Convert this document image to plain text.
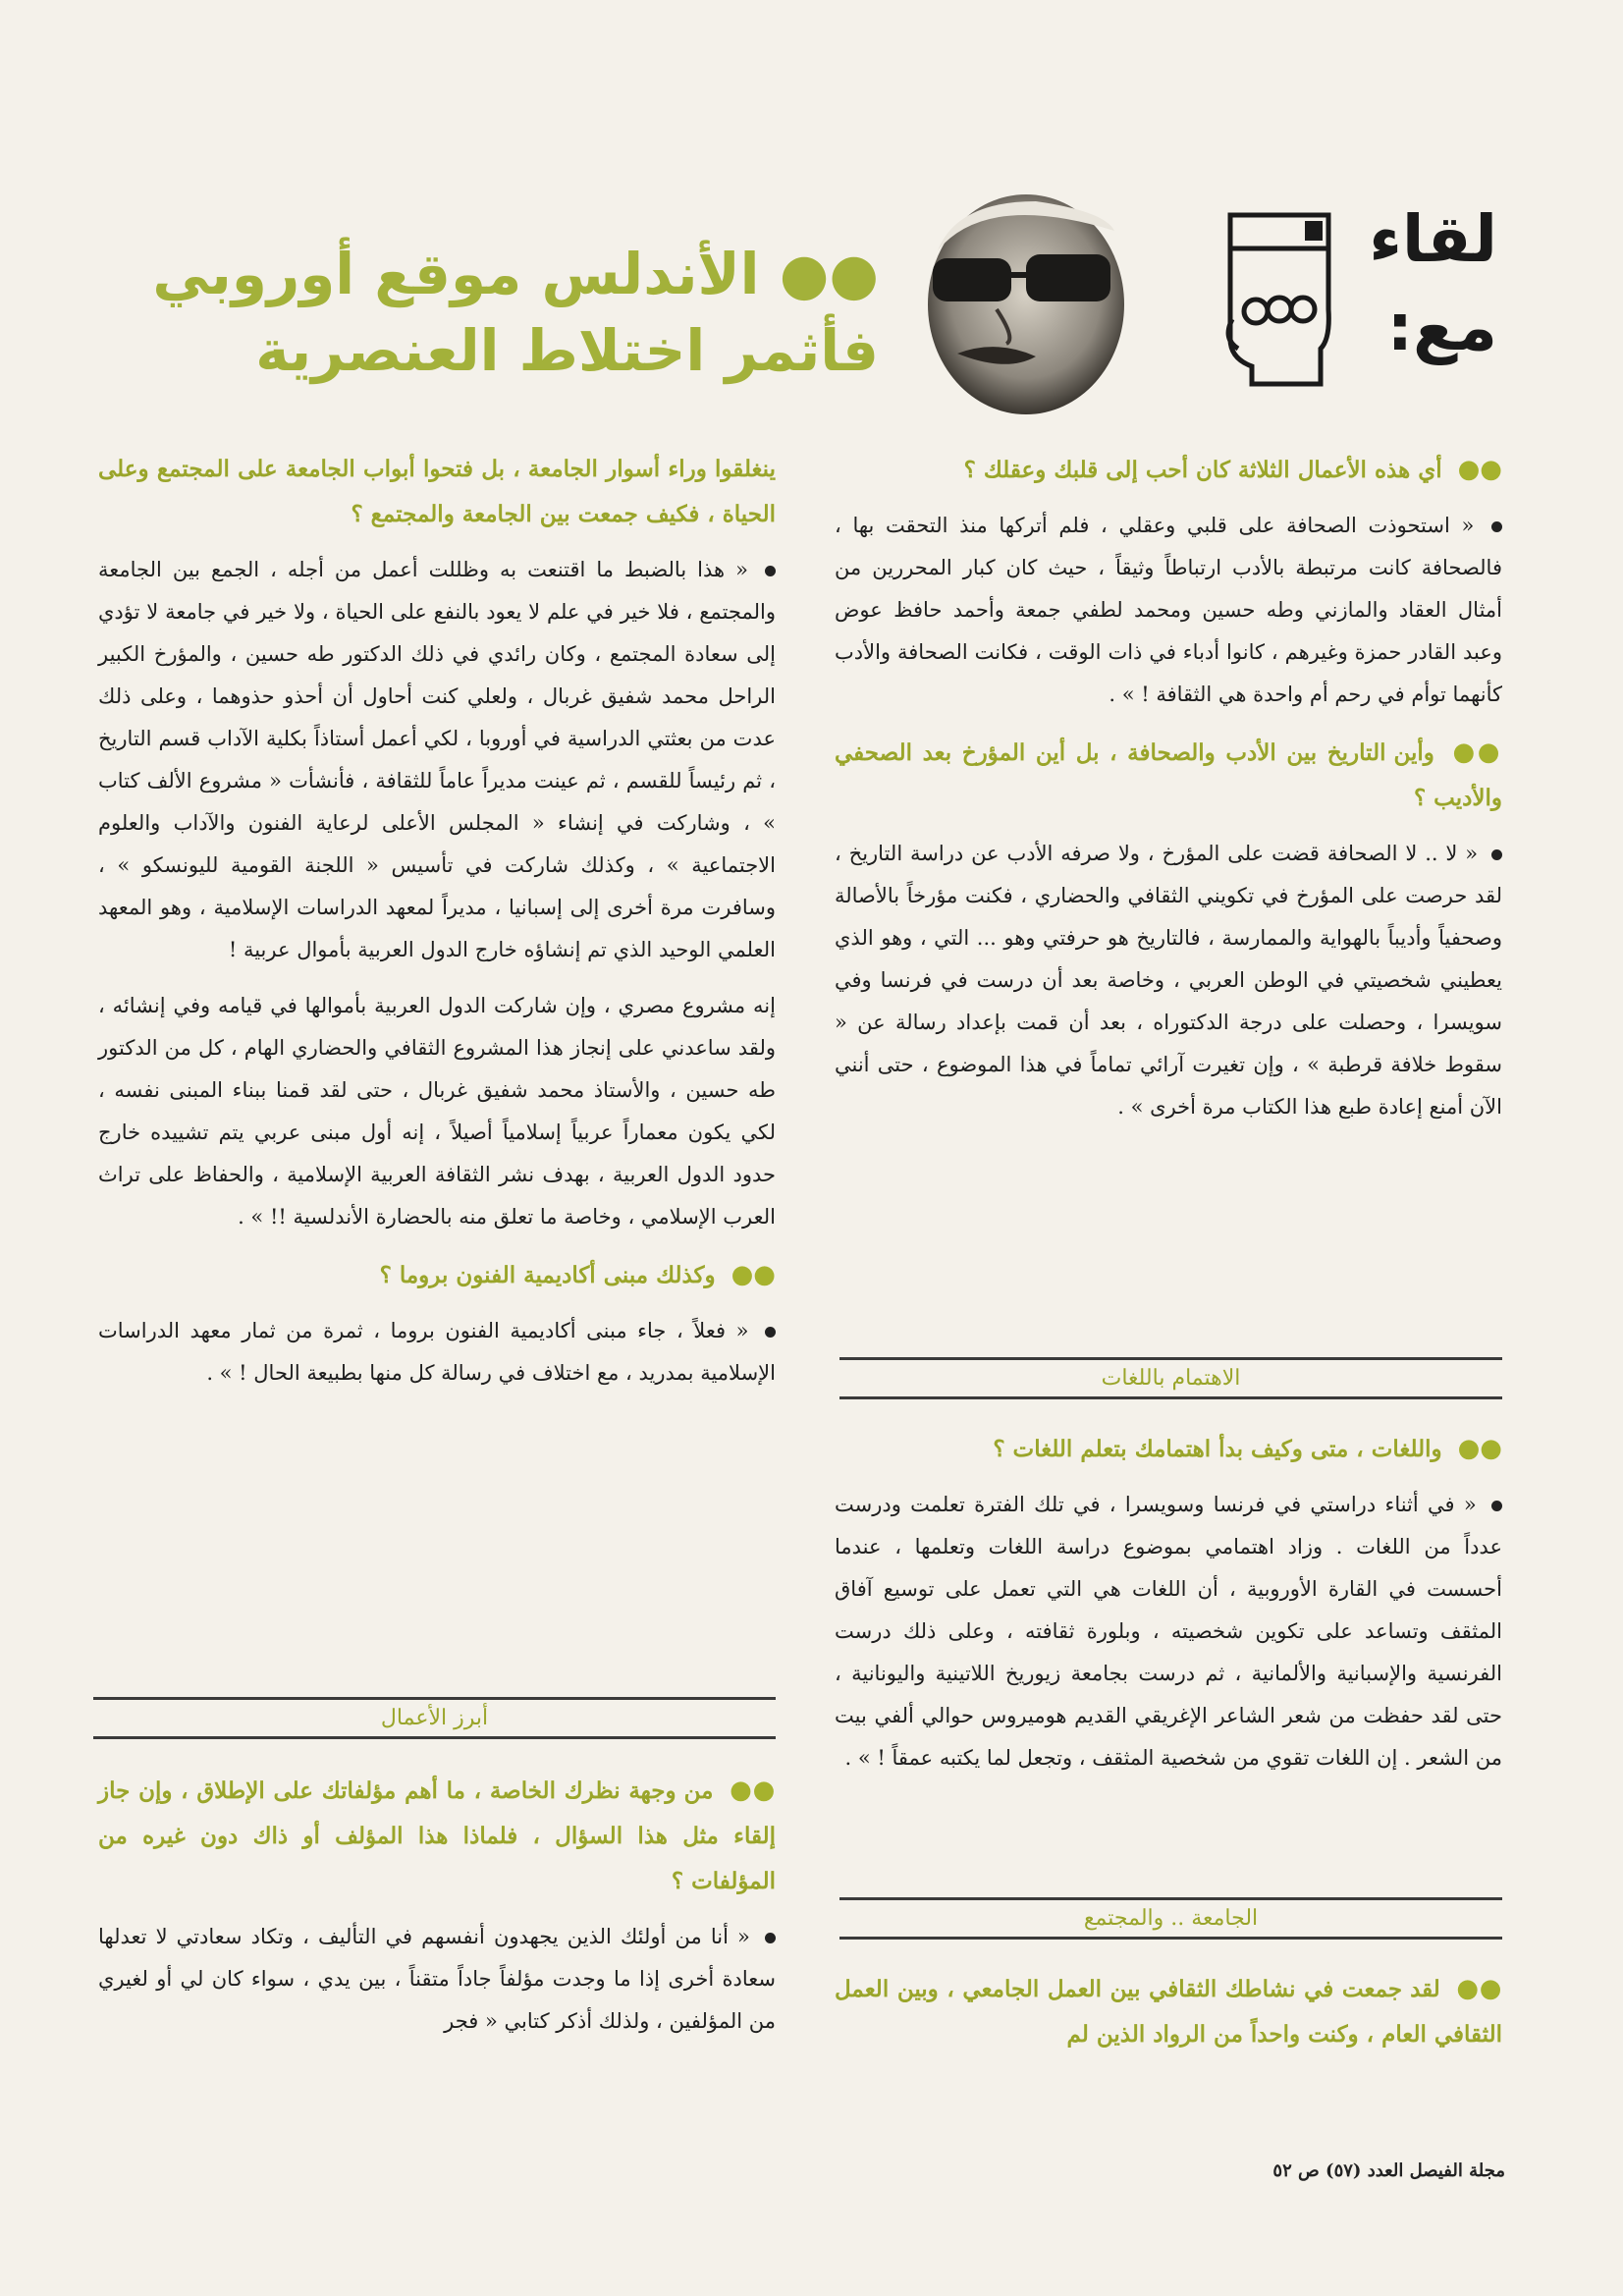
لقاء
مع:
●● الأندلس موقع أوروبي
فأثمر اختلاط العنصرية
●● أي هذه الأعمال الثلاثة كان أحب إلى قلبك وعقلك ؟
« استحوذت الصحافة على قلبي وعقلي ، فلم أتركها منذ التحقت بها ، فالصحافة كانت مرتبطة بالأدب ارتباطاً وثيقاً ، حيث كان كبار المحررين من أمثال العقاد والمازني وطه حسين ومحمد لطفي جمعة وأحمد حافظ عوض وعبد القادر حمزة وغيرهم ، كانوا أدباء في ذات الوقت ، فكانت الصحافة والأدب كأنهما توأم في رحم أم واحدة هي الثقافة ! » .
●● وأين التاريخ بين الأدب والصحافة ، بل أين المؤرخ بعد الصحفي والأديب ؟
« لا .. لا الصحافة قضت على المؤرخ ، ولا صرفه الأدب عن دراسة التاريخ ، لقد حرصت على المؤرخ في تكويني الثقافي والحضاري ، فكنت مؤرخاً بالأصالة وصحفياً وأديباً بالهواية والممارسة ، فالتاريخ هو حرفتي وهو ... التي ، وهو الذي يعطيني شخصيتي في الوطن العربي ، وخاصة بعد أن درست في فرنسا وفي سويسرا ، وحصلت على درجة الدكتوراه ، بعد أن قمت بإعداد رسالة عن « سقوط خلافة قرطبة » ، وإن تغيرت آرائي تماماً في هذا الموضوع ، حتى أنني الآن أمنع إعادة طبع هذا الكتاب مرة أخرى » .
الاهتمام باللغات
●● واللغات ، متى وكيف بدأ اهتمامك بتعلم اللغات ؟
« في أثناء دراستي في فرنسا وسويسرا ، في تلك الفترة تعلمت ودرست عدداً من اللغات . وزاد اهتمامي بموضوع دراسة اللغات وتعلمها ، عندما أحسست في القارة الأوروبية ، أن اللغات هي التي تعمل على توسيع آفاق المثقف وتساعد على تكوين شخصيته ، وبلورة ثقافته ، وعلى ذلك درست الفرنسية والإسبانية والألمانية ، ثم درست بجامعة زيوريخ اللاتينية واليونانية ، حتى لقد حفظت من شعر الشاعر الإغريقي القديم هوميروس حوالي ألفي بيت من الشعر . إن اللغات تقوي من شخصية المثقف ، وتجعل لما يكتبه عمقاً ! » .
الجامعة .. والمجتمع
●● لقد جمعت في نشاطك الثقافي بين العمل الجامعي ، وبين العمل الثقافي العام ، وكنت واحداً من الرواد الذين لم
ينغلقوا وراء أسوار الجامعة ، بل فتحوا أبواب الجامعة على المجتمع وعلى الحياة ، فكيف جمعت بين الجامعة والمجتمع ؟
« هذا بالضبط ما اقتنعت به وظللت أعمل من أجله ، الجمع بين الجامعة والمجتمع ، فلا خير في علم لا يعود بالنفع على الحياة ، ولا خير في جامعة لا تؤدي إلى سعادة المجتمع ، وكان رائدي في ذلك الدكتور طه حسين ، والمؤرخ الكبير الراحل محمد شفيق غربال ، ولعلي كنت أحاول أن أحذو حذوهما ، وعلى ذلك عدت من بعثتي الدراسية في أوروبا ، لكي أعمل أستاذاً بكلية الآداب قسم التاريخ ، ثم رئيساً للقسم ، ثم عينت مديراً عاماً للثقافة ، فأنشأت « مشروع الألف كتاب » ، وشاركت في إنشاء « المجلس الأعلى لرعاية الفنون والآداب والعلوم الاجتماعية » ، وكذلك شاركت في تأسيس « اللجنة القومية لليونسكو » ، وسافرت مرة أخرى إلى إسبانيا ، مديراً لمعهد الدراسات الإسلامية ، وهو المعهد العلمي الوحيد الذي تم إنشاؤه خارج الدول العربية بأموال عربية !
إنه مشروع مصري ، وإن شاركت الدول العربية بأموالها في قيامه وفي إنشائه ، ولقد ساعدني على إنجاز هذا المشروع الثقافي والحضاري الهام ، كل من الدكتور طه حسين ، والأستاذ محمد شفيق غربال ، حتى لقد قمنا ببناء المبنى نفسه ، لكي يكون معماراً عربياً إسلامياً أصيلاً ، إنه أول مبنى عربي يتم تشييده خارج حدود الدول العربية ، بهدف نشر الثقافة العربية الإسلامية ، والحفاظ على تراث العرب الإسلامي ، وخاصة ما تعلق منه بالحضارة الأندلسية !! » .
●● وكذلك مبنى أكاديمية الفنون بروما ؟
« فعلاً ، جاء مبنى أكاديمية الفنون بروما ، ثمرة من ثمار معهد الدراسات الإسلامية بمدريد ، مع اختلاف في رسالة كل منها بطبيعة الحال ! » .
أبرز الأعمال
●● من وجهة نظرك الخاصة ، ما أهم مؤلفاتك على الإطلاق ، وإن جاز إلقاء مثل هذا السؤال ، فلماذا هذا المؤلف أو ذاك دون غيره من المؤلفات ؟
« أنا من أولئك الذين يجهدون أنفسهم في التأليف ، وتكاد سعادتي لا تعدلها سعادة أخرى إذا ما وجدت مؤلفاً جاداً متقناً ، بين يدي ، سواء كان لي أو لغيري من المؤلفين ، ولذلك أذكر كتابي « فجر
مجلة الفيصل العدد (٥٧) ص ٥٢
